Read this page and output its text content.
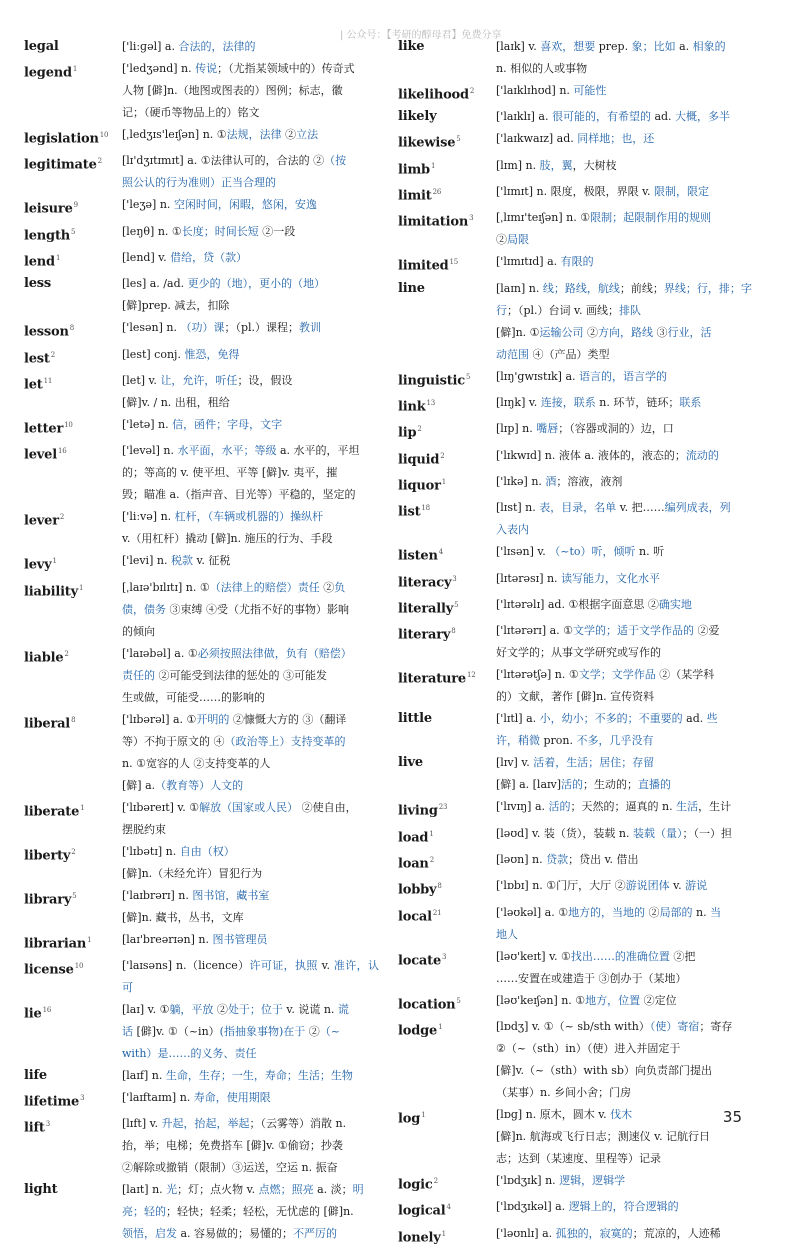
| 公众号：【考研的醇母君】免费分享
legal	['liːɡəl] a. 合法的，法律的
legend$^1$	['ledʒənd] n. 传说；（尤指某领域中的）传奇式
人物 [僻]n.（地图或图表的）图例；标志，徽
记；（硬币等物品上的）铭文
legislation$^{10}$	[ˌledʒɪs'leɪʃən] n. ①法规，法律 ②立法
legitimate$^2$	[lɪ'dʒɪtɪmɪt] a. ①法律认可的，合法的 ②（按
照公认的行为准则）正当合理的
leisure$^9$	['leʒə] n. 空闲时间，闲暇，悠闲，安逸
length$^5$	[leŋθ] n. ①长度；时间长短 ②一段
lend$^1$	[lend] v. 借给，贷（款）
less	[les] a. /ad. 更少的（地），更小的（地）
[僻]prep. 减去，扣除
lesson$^8$	['lesən] n. （功）课；（pl.）课程；教训
lest$^2$	[lest] conj. 惟恐，免得
let$^{11}$	[let] v. 让，允许，听任；设，假设
[僻]v. / n. 出租，租给
letter$^{10}$	['letə] n. 信，函件；字母，文字
level$^{16}$	['levəl] n. 水平面，水平；等级 a. 水平的，平坦
的；等高的 v. 使平坦、平等 [僻]v. 夷平，摧
毁；瞄准 a.（指声音、目光等）平稳的，坚定的
lever$^2$	['liːvə] n. 杠杆，（车辆或机器的）操纵杆
v.（用杠杆）撬动 [僻]n. 施压的行为、手段
levy$^1$	['levi] n. 税款 v. 征税
liability$^1$	[ˌlaɪə'bɪlɪtɪ] n. ①（法律上的赔偿）责任 ②负
债，债务 ③束缚 ④受（尤指不好的事物）影响
的倾向
liable$^2$	['laɪəbəl] a. ①必须按照法律做，负有（赔偿）
责任的 ②可能受到法律的惩处的 ③可能发
生或做，可能受……的影响的
liberal$^8$	['lɪbərəl] a. ①开明的 ②慷慨大方的 ③（翻译
等）不拘于原文的 ④（政治等上）支持变革的
n. ①宽容的人 ②支持变革的人
[僻] a.（教育等）人文的
liberate$^1$	['lɪbəreɪt] v. ①解放（国家或人民） ②使自由，
摆脱约束
liberty$^2$	['lɪbətɪ] n. 自由（权）
[僻]n.（未经允许）冒犯行为
library$^5$	['laɪbrərɪ] n. 图书馆，藏书室
[僻]n. 藏书，丛书，文库
librarian$^1$	[laɪ'breərɪən] n. 图书管理员
license$^{10}$	['laɪsəns] n.（licence）许可证，执照 v. 准许，认可
lie$^{16}$	[laɪ] v. ①躺，平放 ②处于；位于 v. 说谎 n. 谎
话 [僻]v. ①（~in）(指抽象事物)在于 ②（~
with）是……的义务、责任
life	[laɪf] n. 生命，生存；一生，寿命；生活；生物
lifetime$^3$	['laɪftaɪm] n. 寿命，使用期限
lift$^3$	[lɪft] v. 升起，抬起，举起；（云雾等）消散 n.
抬，举；电梯；免费搭车 [僻]v. ①偷窃；抄袭
②解除或撤销（限制）③运送，空运 n. 振奋
light	[laɪt] n. 光；灯；点火物 v. 点燃；照亮 a. 淡；明
亮；轻的；轻快；轻柔；轻松，无忧虑的 [僻]n.
领悟，启发 a. 容易做的；易懂的；不严厉的
like	[laɪk] v. 喜欢，想要 prep. 象；比如 a. 相象的
n. 相似的人或事物
likelihood$^2$	['laɪklɪhʊd] n. 可能性
likely	['laɪklɪ] a. 很可能的，有希望的 ad. 大概，多半
likewise$^5$	['laɪkwaɪz] ad. 同样地；也，还
limb$^1$	[lɪm] n. 肢，翼，大树枝
limit$^{26}$	['lɪmɪt] n. 限度，极限，界限 v. 限制，限定
limitation$^3$	[ˌlɪmɪ'teɪʃən] n. ①限制；起限制作用的规则
②局限
limited$^{15}$	['lɪmɪtɪd] a. 有限的
line	[laɪn] n. 线；路线，航线；前线；界线；行，排；字
行；（pl.）台词 v. 画线；排队
[僻]n. ①运输公司 ②方向，路线 ③行业，活
动范围 ④（产品）类型
linguistic$^5$	[lɪŋ'gwɪstɪk] a. 语言的，语言学的
link$^{13}$	[lɪŋk] v. 连接，联系 n. 环节，链环；联系
lip$^2$	[lɪp] n. 嘴唇；（容器或洞的）边，口
liquid$^2$	['lɪkwɪd] n. 液体 a. 液体的，液态的；流动的
liquor$^1$	['lɪkə] n. 酒；溶液，液剂
list$^{18}$	[lɪst] n. 表，目录，名单 v. 把……编列成表，列
入表内
listen$^4$	['lɪsən] v. （~to）听，倾听 n. 听
literacy$^3$	[lɪtərəsɪ] n. 读写能力，文化水平
literally$^5$	['lɪtərəlɪ] ad. ①根据字面意思 ②确实地
literary$^8$	['lɪtərərɪ] a. ①文学的；适于文学作品的 ②爱
好文学的；从事文学研究或写作的
literature$^{12}$	['lɪtərətʃə] n. ①文学；文学作品 ②（某学科
的）文献，著作 [僻]n. 宣传资料
little	['lɪtl] a. 小，幼小；不多的；不重要的 ad. 些
许，稍微 pron. 不多，几乎没有
live	[lɪv] v. 活着，生活；居住；存留
[僻] a. [laɪv]活的；生动的；直播的
living$^{23}$	['lɪvɪŋ] a. 活的；天然的；逼真的 n. 生活，生计
load$^1$	[ləʊd] v. 装（货），装载 n. 装载（量）；（一）担
loan$^2$	[ləʊn] n. 贷款；贷出 v. 借出
lobby$^8$	['lɒbɪ] n. ①门厅，大厅 ②游说团体 v. 游说
local$^{21}$	['ləʊkəl] a. ①地方的，当地的 ②局部的 n. 当
地人
locate$^3$	[ləʊ'keɪt] v. ①找出……的准确位置 ②把
……安置在或建造于 ③创办于（某地）
location$^5$	[ləʊ'keɪʃən] n. ①地方，位置 ②定位
lodge$^1$	[lɒdʒ] v. ①（~ sb/sth with）（使）寄宿；寄存
②（~（sth）in）（使）进入并固定于
[僻]v.（~（sth）with sb）向负责部门提出
（某事）n. 乡间小舍；门房
$\log^1$	[lɒg] n. 原木，圆木 v. 伐木
[僻]n. 航海或飞行日志；测速仪 v. 记航行日
志；达到（某速度、里程等）记录
logic$^2$	['lɒdʒɪk] n. 逻辑，逻辑学
logical$^4$	['lɒdʒɪkəl] a. 逻辑上的，符合逻辑的
lonely$^1$	['ləʊnlɪ] a. 孤独的，寂寞的；荒凉的，人迹稀
35
